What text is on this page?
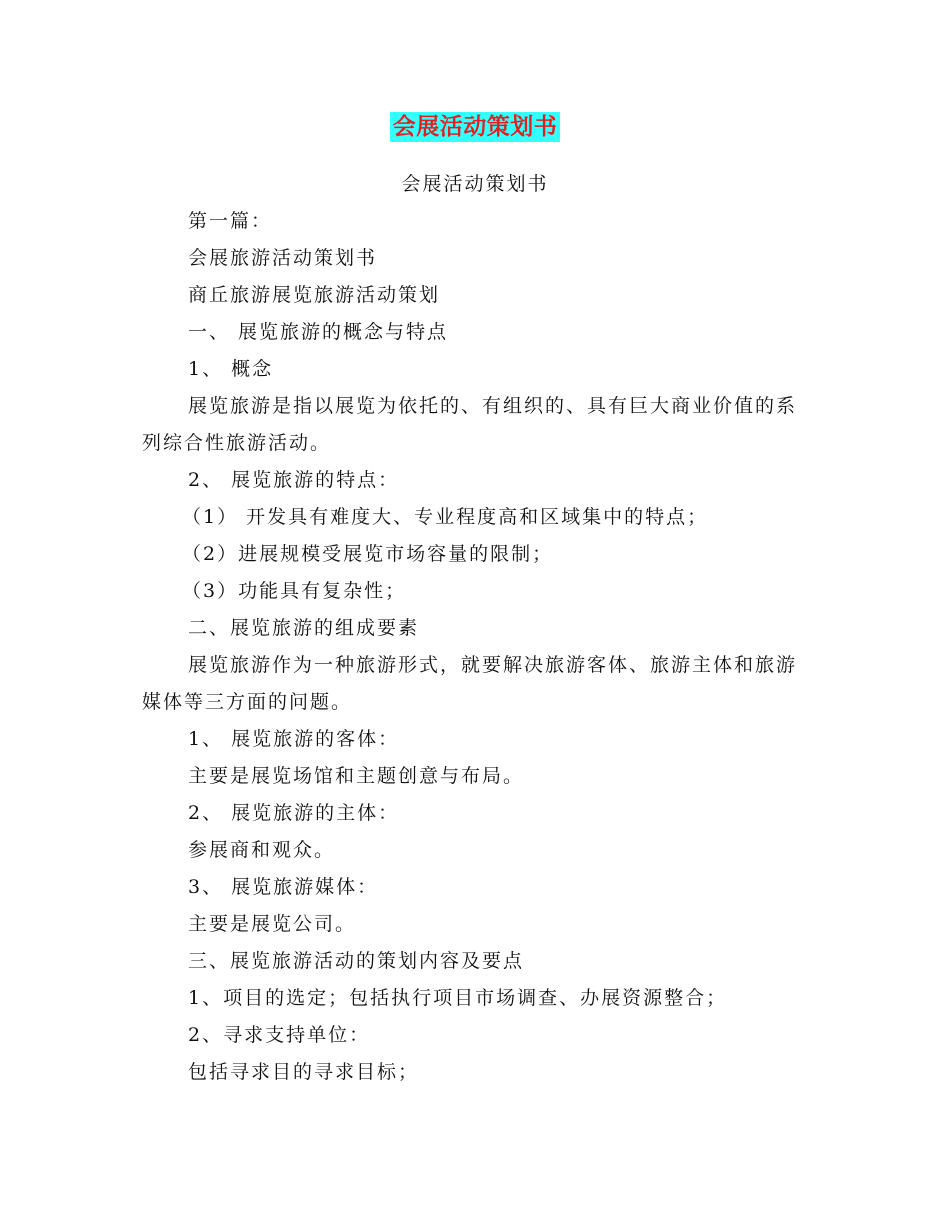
会展活动策划书
会展活动策划书

第一篇：

会展旅游活动策划书

商丘旅游展览旅游活动策划

一、 展览旅游的概念与特点

1、 概念

展览旅游是指以展览为依托的、有组织的、具有巨大商业价值的系列综合性旅游活动。

2、 展览旅游的特点：

（1） 开发具有难度大、专业程度高和区域集中的特点；

（2）进展规模受展览市场容量的限制；

（3）功能具有复杂性；

二、展览旅游的组成要素

展览旅游作为一种旅游形式，就要解决旅游客体、旅游主体和旅游媒体等三方面的问题。

1、 展览旅游的客体：

主要是展览场馆和主题创意与布局。

2、 展览旅游的主体：

参展商和观众。

3、 展览旅游媒体：

主要是展览公司。

三、展览旅游活动的策划内容及要点

1、项目的选定；包括执行项目市场调查、办展资源整合；

2、寻求支持单位：

包括寻求目的寻求目标；
